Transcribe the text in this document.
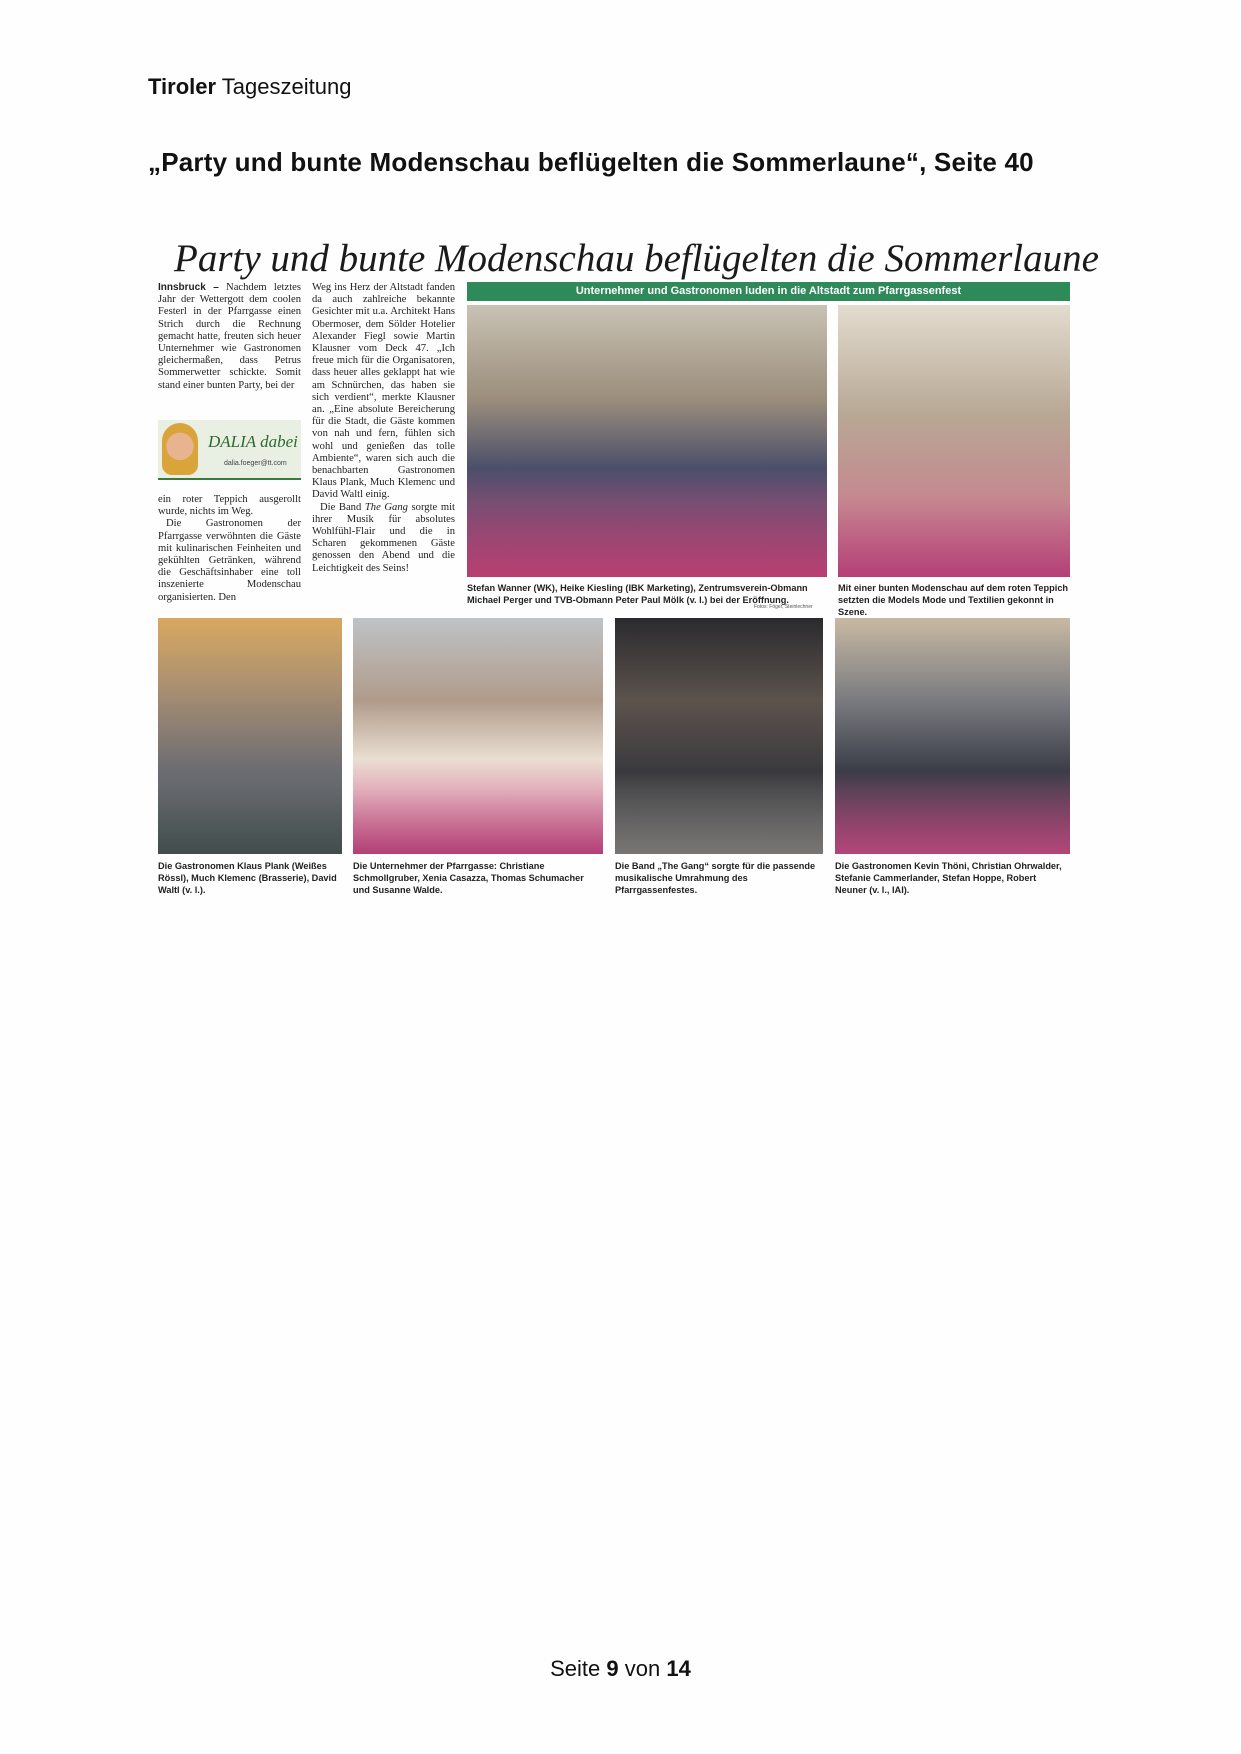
Tiroler Tageszeitung
„Party und bunte Modenschau beflügelten die Sommerlaune“, Seite 40
Party und bunte Modenschau beflügelten die Sommerlaune

Innsbruck – Nachdem letztes Jahr der Wettergott dem coolen Festerl in der Pfarrgasse einen Strich durch die Rechnung gemacht hatte, freuten sich heuer Unternehmer wie Gastronomen gleichermaßen, dass Petrus Sommerwetter schickte. Somit stand einer bunten Party, bei der

DALIA dabei
dalia.foeger@tt.com

ein roter Teppich ausgerollt wurde, nichts im Weg.

Die Gastronomen der Pfarrgasse verwöhnten die Gäste mit kulinarischen Feinheiten und gekühlten Getränken, während die Geschäftsinhaber eine toll inszenierte Modenschau organisierten. Den

Weg ins Herz der Altstadt fanden da auch zahlreiche bekannte Gesichter mit u.a. Architekt Hans Obermoser, dem Sölder Hotelier Alexander Fiegl sowie Martin Klausner vom Deck 47. „Ich freue mich für die Organisatoren, dass heuer alles geklappt hat wie am Schnürchen, das haben sie sich verdient“, merkte Klausner an. „Eine absolute Bereicherung für die Stadt, die Gäste kommen von nah und fern, fühlen sich wohl und genießen das tolle Ambiente“, waren sich auch die benachbarten Gastronomen Klaus Plank, Much Klemenc und David Waltl einig.

Die Band The Gang sorgte mit ihrer Musik für absolutes Wohlfühl-Flair und die in Scharen gekommenen Gäste genossen den Abend und die Leichtigkeit des Seins!

Unternehmer und Gastronomen luden in die Altstadt zum Pfarrgassenfest
Stefan Wanner (WK), Heike Kiesling (IBK Marketing), Zentrumsverein-Obmann Michael Perger und TVB-Obmann Peter Paul Mölk (v. l.) bei der Eröffnung.
Fotos: Föger, Steinlechner
Mit einer bunten Modenschau auf dem roten Teppich setzten die Models Mode und Textilien gekonnt in Szene.
Die Gastronomen Klaus Plank (Weißes Rössl), Much Klemenc (Brasserie), David Waltl (v. l.).
Die Unternehmer der Pfarrgasse: Christiane Schmollgruber, Xenia Casazza, Thomas Schumacher und Susanne Walde.
Die Band „The Gang“ sorgte für die passende musikalische Umrahmung des Pfarrgassenfestes.
Die Gastronomen Kevin Thöni, Christian Ohrwalder, Stefanie Cammerlander, Stefan Hoppe, Robert Neuner (v. l., IAI).
Seite 9 von 14
